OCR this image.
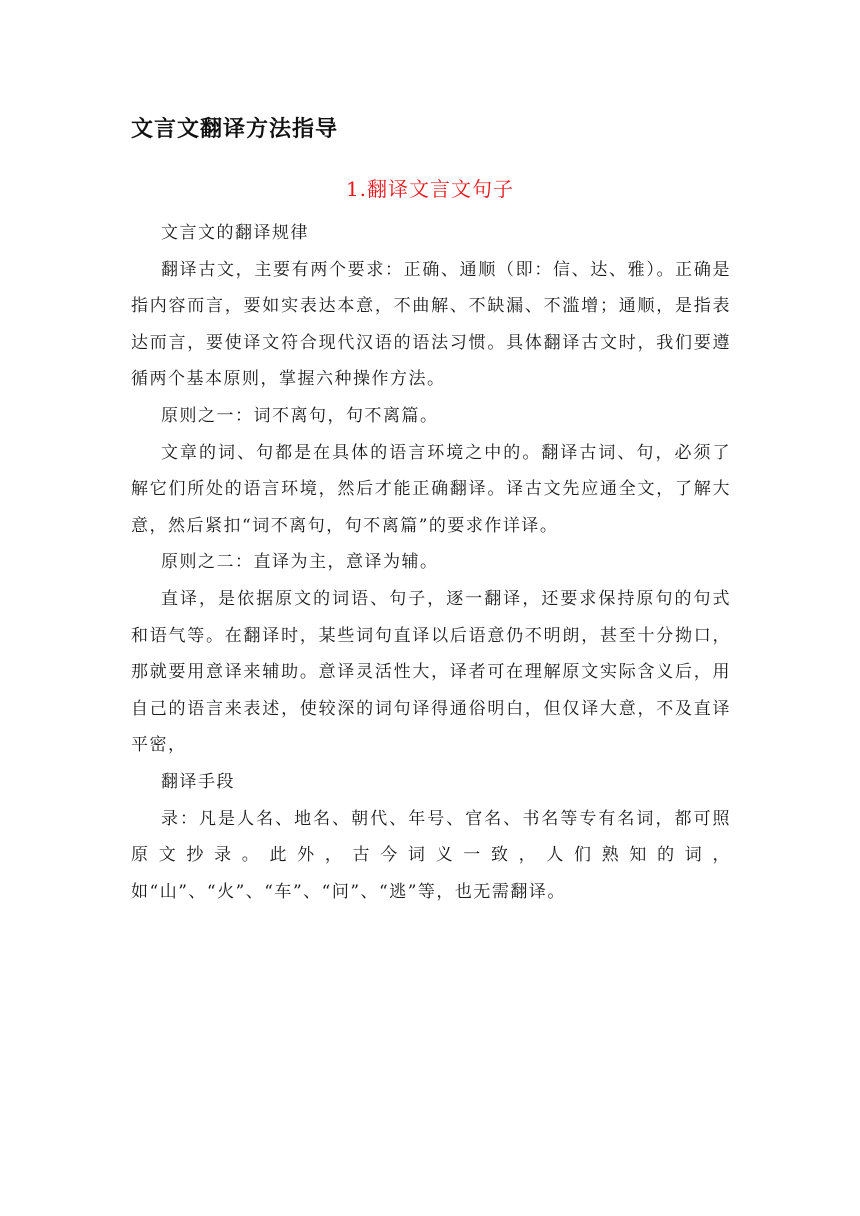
文言文翻译方法指导
1.翻译文言文句子

文言文的翻译规律

翻译古文，主要有两个要求：正确、通顺（即：信、达、雅）。正确是指内容而言，要如实表达本意，不曲解、不缺漏、不滥增；通顺，是指表达而言，要使译文符合现代汉语的语法习惯。具体翻译古文时，我们要遵循两个基本原则，掌握六种操作方法。

原则之一：词不离句，句不离篇。

文章的词、句都是在具体的语言环境之中的。翻译古词、句，必须了解它们所处的语言环境，然后才能正确翻译。译古文先应通全文，了解大意，然后紧扣“词不离句，句不离篇”的要求作详译。

原则之二：直译为主，意译为辅。

直译，是依据原文的词语、句子，逐一翻译，还要求保持原句的句式和语气等。在翻译时，某些词句直译以后语意仍不明朗，甚至十分拗口，那就要用意译来辅助。意译灵活性大，译者可在理解原文实际含义后，用自己的语言来表述，使较深的词句译得通俗明白，但仅译大意，不及直译平密，

翻译手段

录：凡是人名、地名、朝代、年号、官名、书名等专有名词，都可照原文抄录。此外，古今词义一致，人们熟知的词，如“山”、“火”、“车”、“问”、“逃”等，也无需翻译。
